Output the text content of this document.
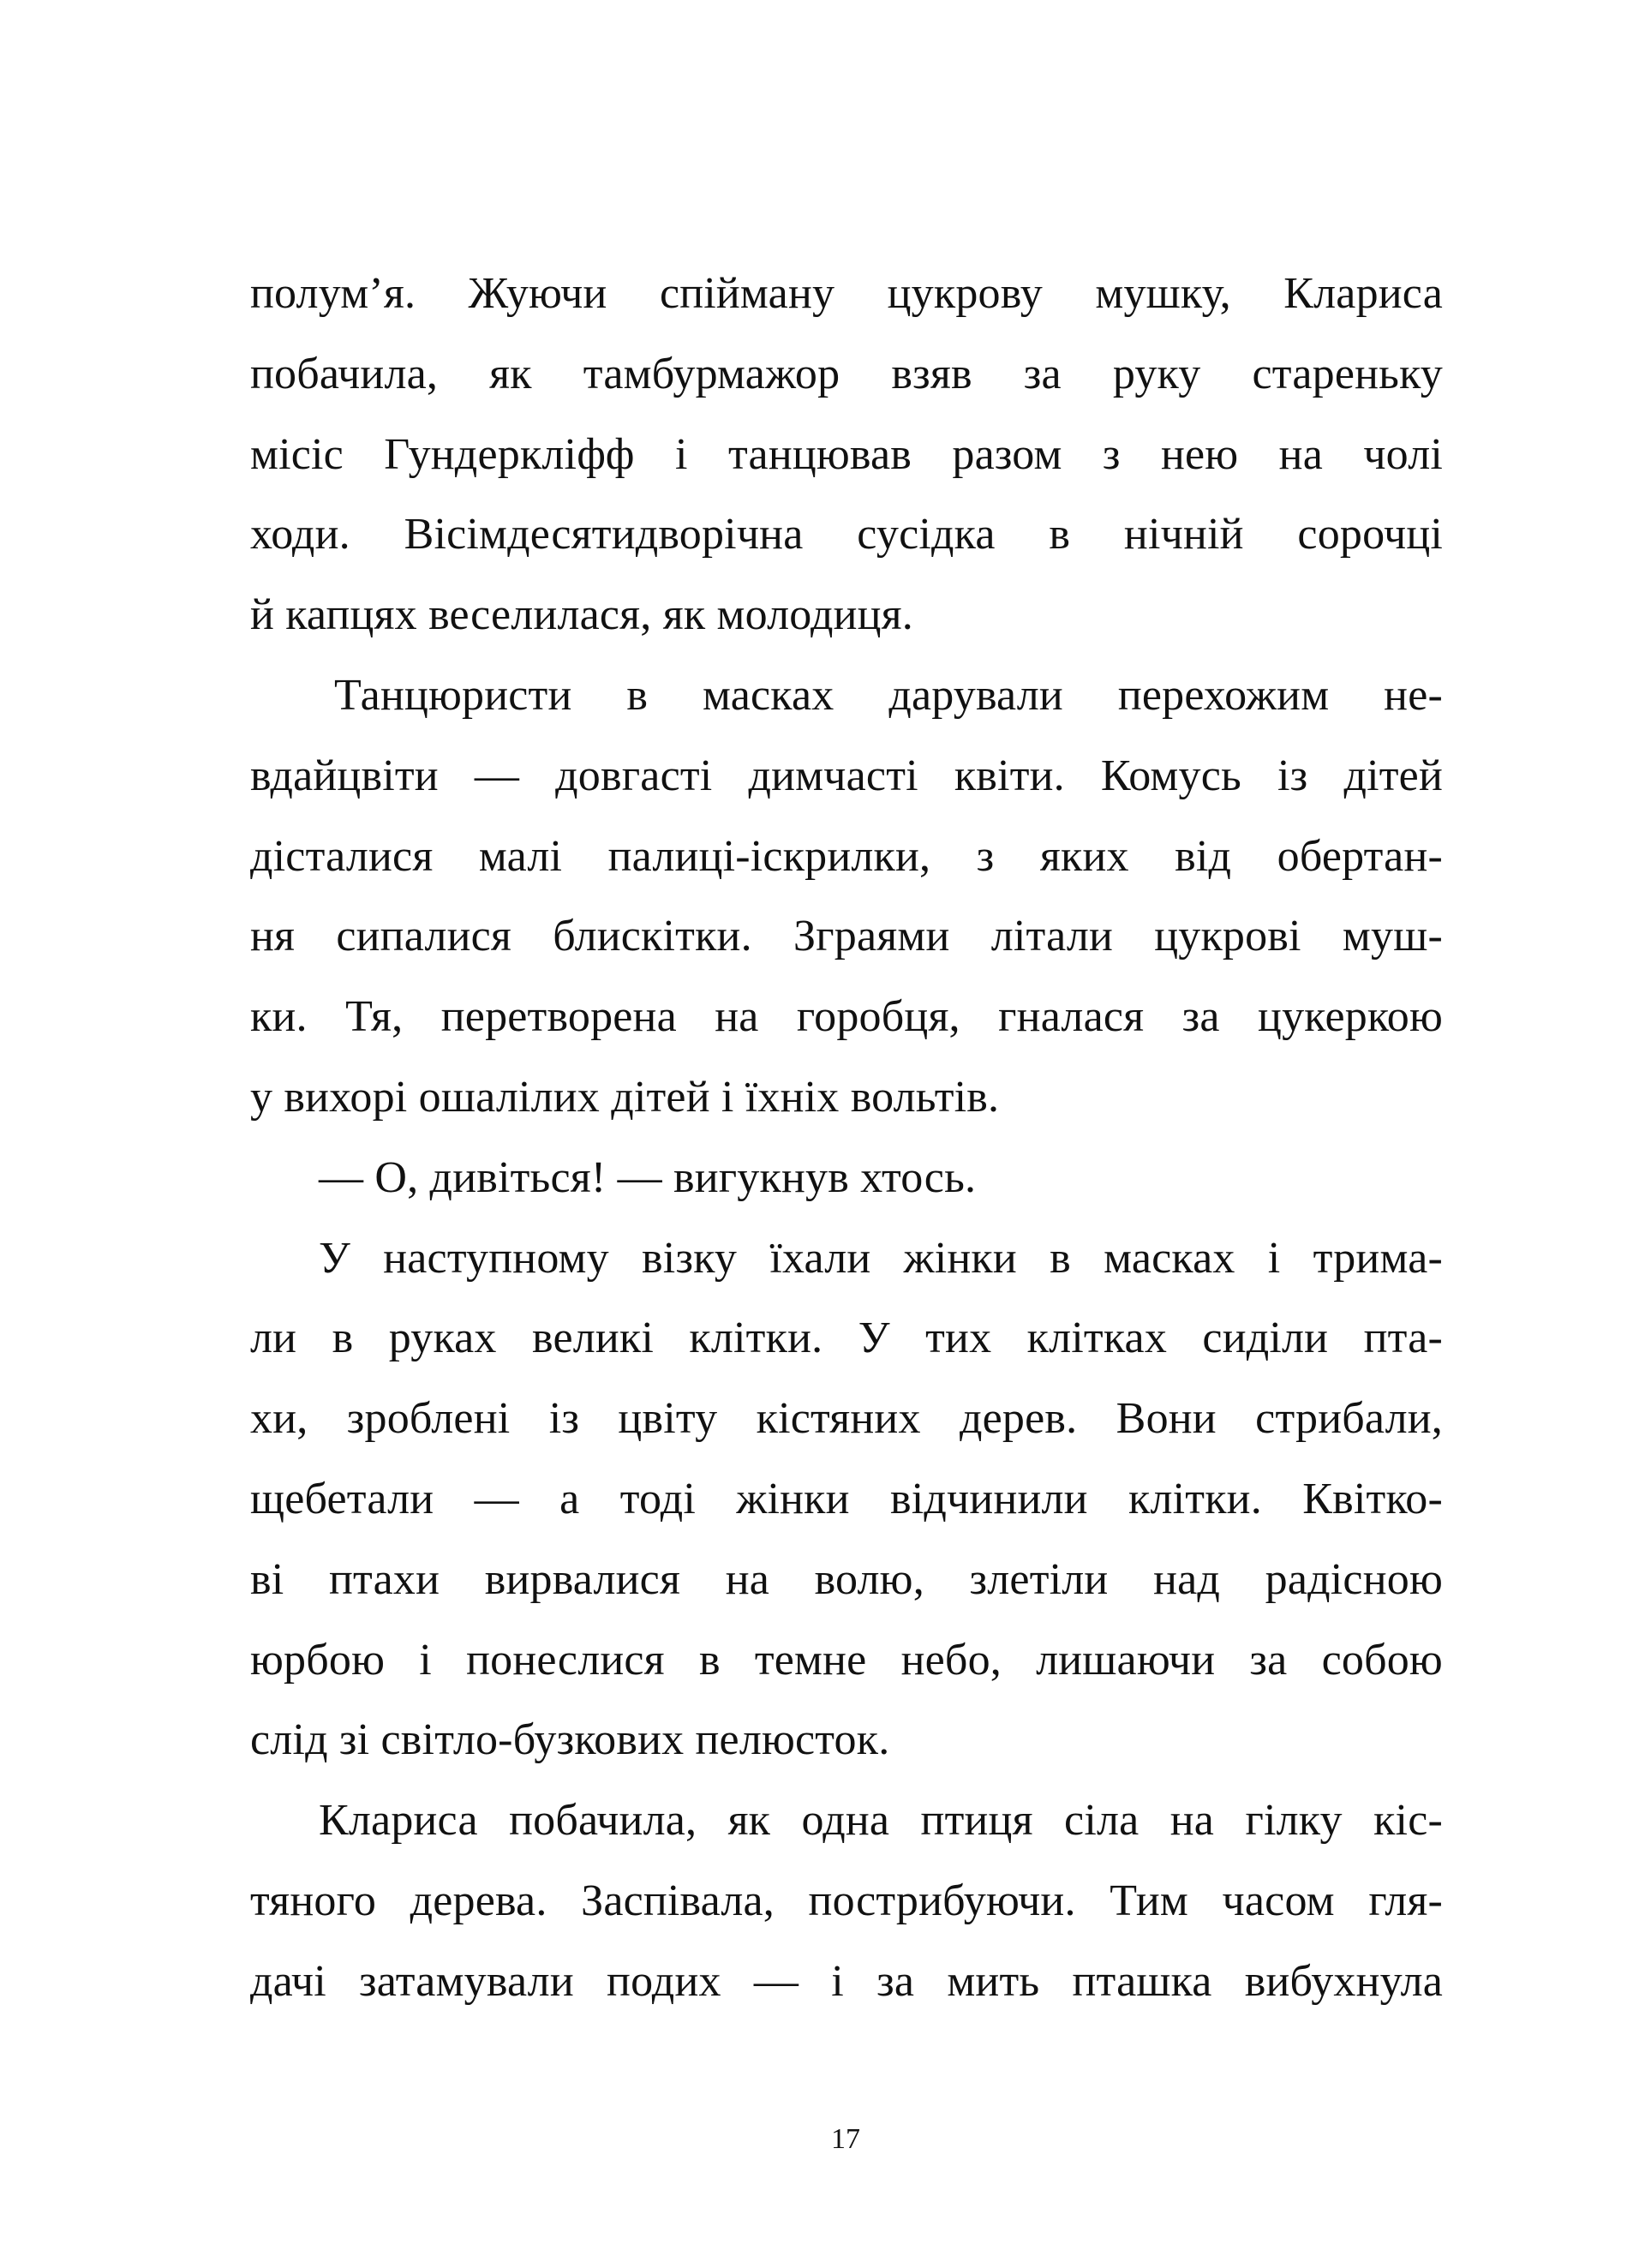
полум’я. Жуючи спійману цукрову мушку, Клариса
побачила, як тамбурмажор взяв за руку стареньку
місіс Гундеркліфф і танцював разом з нею на чолі
ходи. Вісімдесятидворічна сусідка в нічній сорочці
й капцях веселилася, як молодиця.
Танцюристи в масках дарували перехожим не-
вдайцвіти — довгасті димчасті квіти. Комусь із дітей
дісталися малі палиці-іскрилки, з яких від обертан-
ня сипалися блискітки. Зграями літали цукрові муш-
ки. Тя, перетворена на горобця, гналася за цукеркою
у вихорі ошалілих дітей і їхніх вольтів.
— О, дивіться! — вигукнув хтось.
У наступному візку їхали жінки в масках і трима-
ли в руках великі клітки. У тих клітках сиділи пта-
хи, зроблені із цвіту кістяних дерев. Вони стрибали,
щебетали — а тоді жінки відчинили клітки. Квітко-
ві птахи вирвалися на волю, злетіли над радісною
юрбою і понеслися в темне небо, лишаючи за собою
слід зі світло-бузкових пелюсток.
Клариса побачила, як одна птиця сіла на гілку кіс-
тяного дерева. Заспівала, пострибуючи. Тим часом гля-
дачі затамували подих — і за мить пташка вибухнула
17
